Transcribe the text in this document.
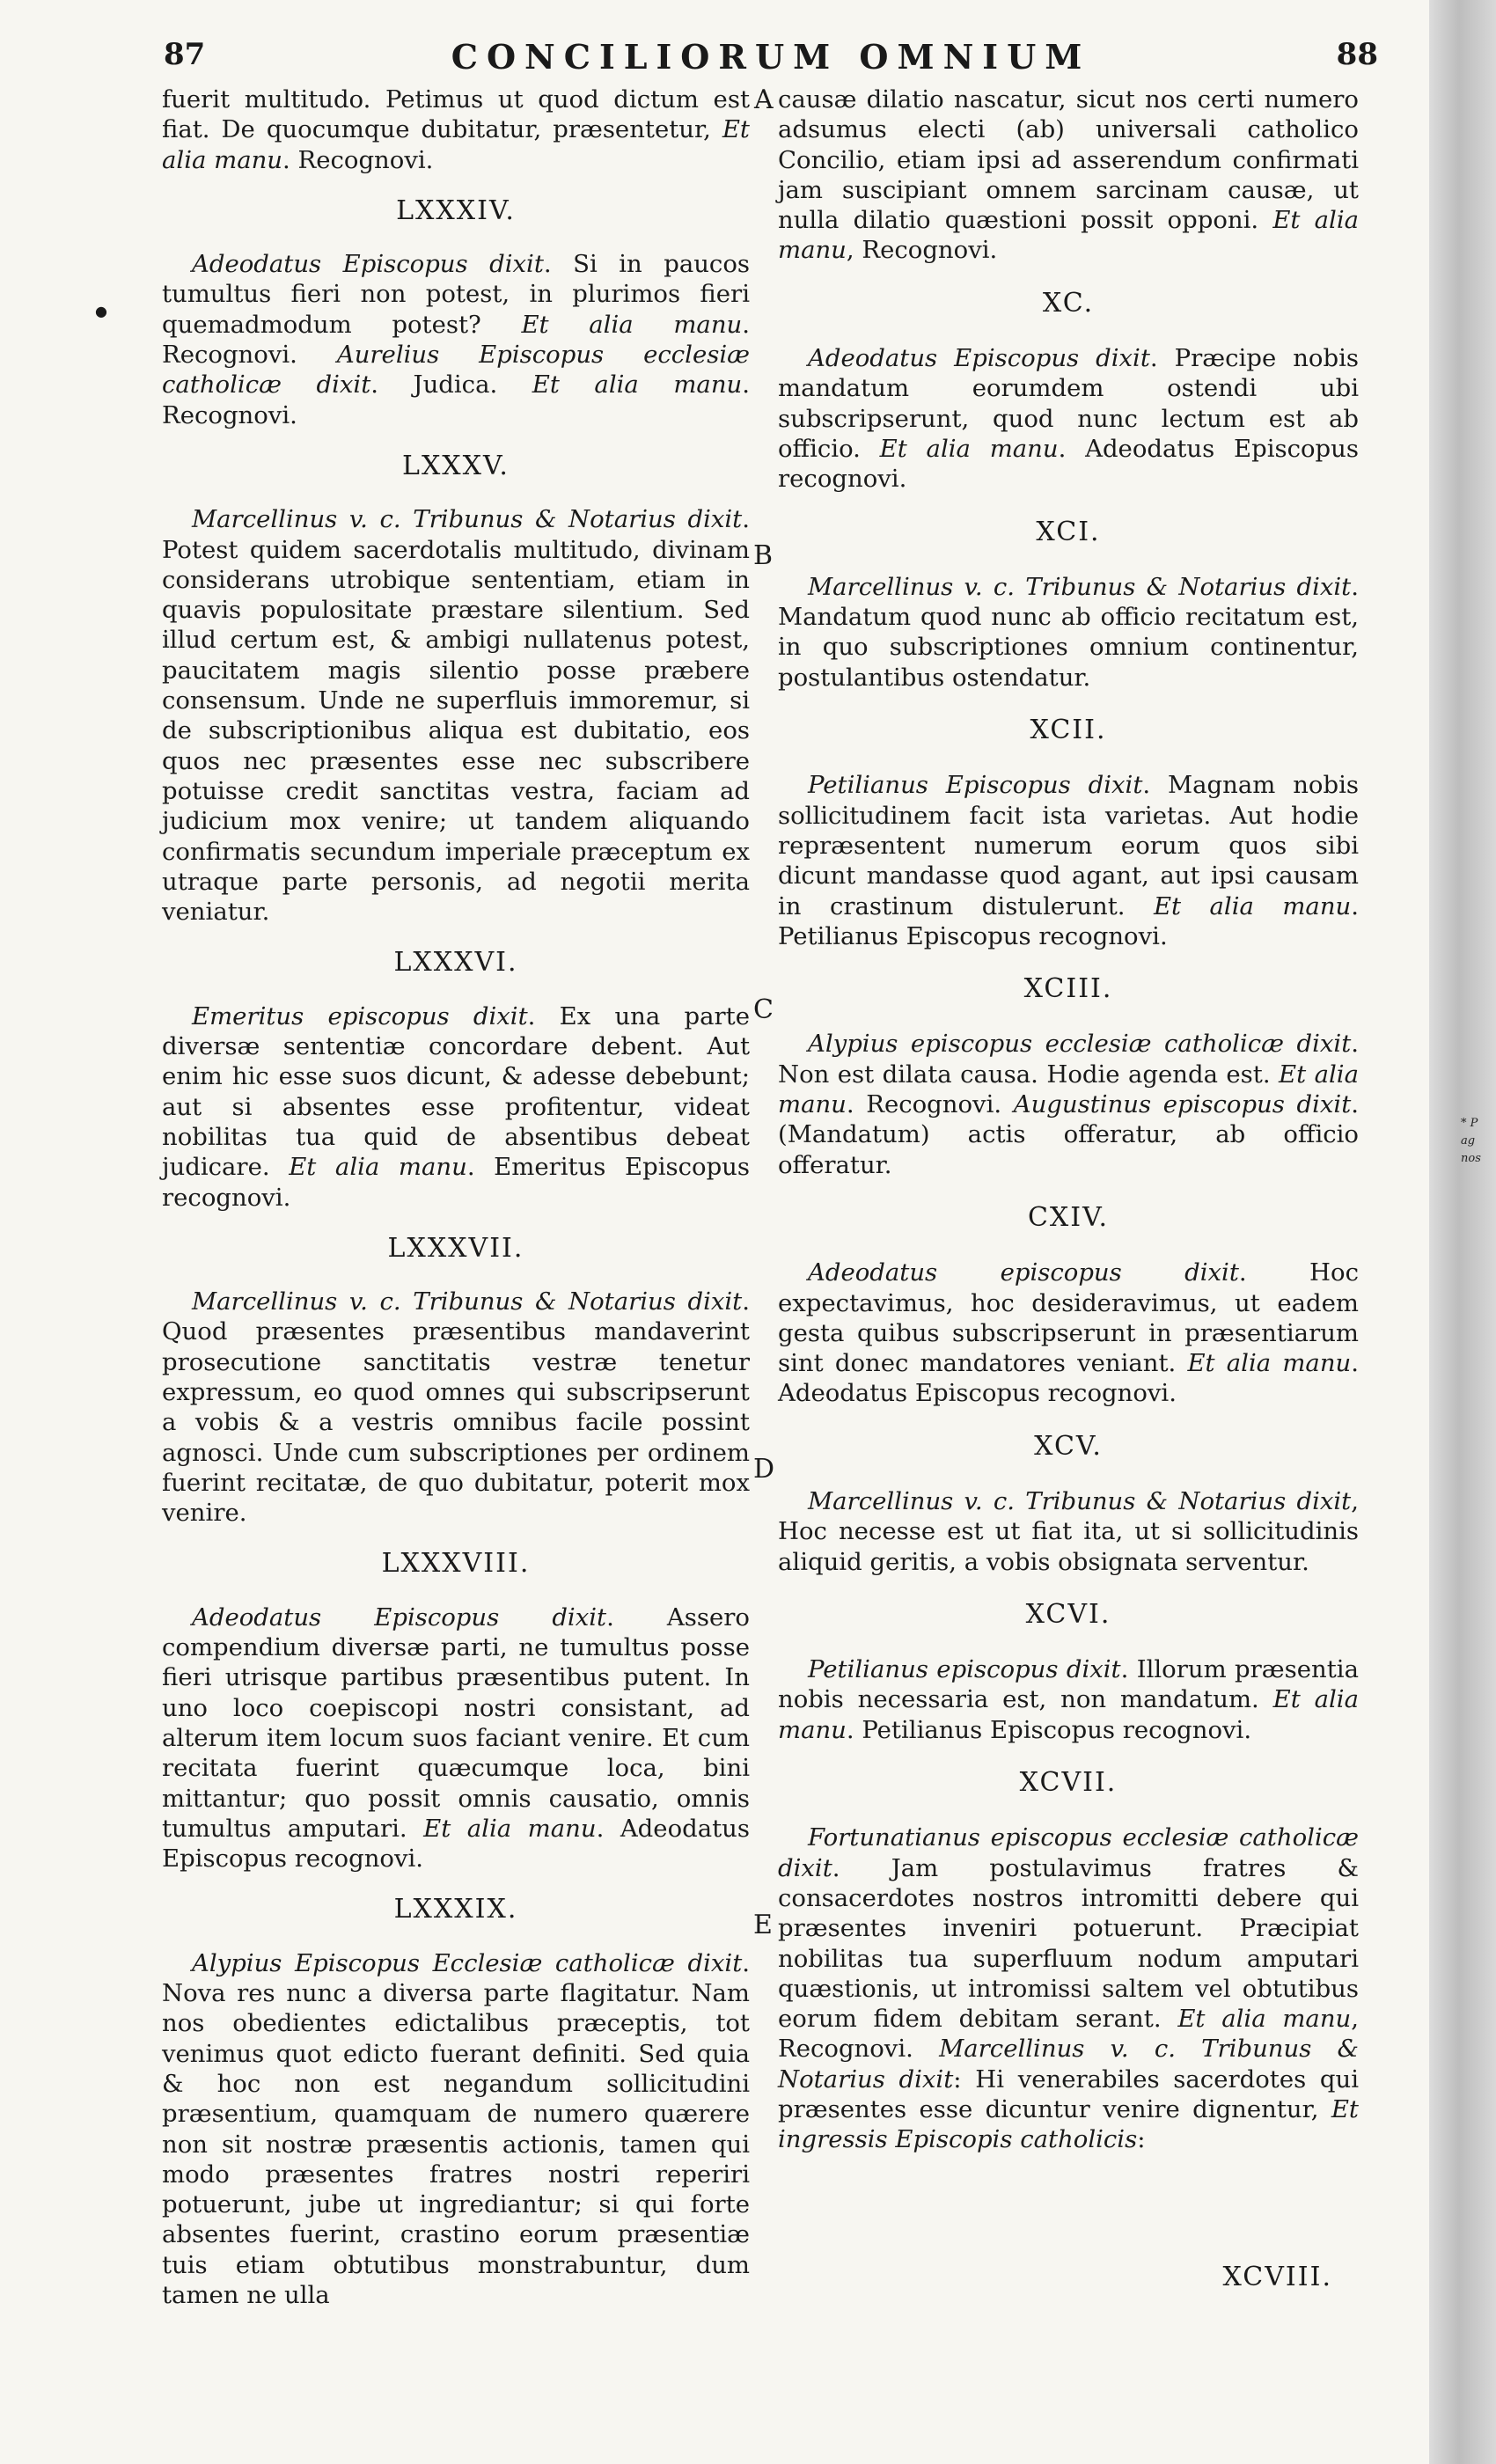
87	CONCILIORUM OMNIUM	88
●

fuerit multitudo. Petimus ut quod dictum est fiat. De quocumque dubitatur, præsentetur, Et alia manu. Recognovi.

LXXXIV.

Adeodatus Episcopus dixit. Si in paucos tumultus fieri non potest, in plurimos fieri quemadmodum potest? Et alia manu. Recognovi. Aurelius Episcopus ecclesiæ catholicæ dixit. Judica. Et alia manu. Recognovi.

LXXXV.

Marcellinus v. c. Tribunus & Notarius dixit. Potest quidem sacerdotalis multitudo, divinam considerans utrobique sententiam, etiam in quavis populositate præstare silentium. Sed illud certum est, & ambigi nullatenus potest, paucitatem magis silentio posse præbere consensum. Unde ne superfluis immoremur, si de subscriptionibus aliqua est dubitatio, eos quos nec præsentes esse nec subscribere potuisse credit sanctitas vestra, faciam ad judicium mox venire; ut tandem aliquando confirmatis secundum imperiale præceptum ex utraque parte personis, ad negotii merita veniatur.

LXXXVI.

Emeritus episcopus dixit. Ex una parte diversæ sententiæ concordare debent. Aut enim hic esse suos dicunt, & adesse debebunt; aut si absentes esse profitentur, videat nobilitas tua quid de absentibus debeat judicare. Et alia manu. Emeritus Episcopus recognovi.

LXXXVII.

Marcellinus v. c. Tribunus & Notarius dixit. Quod præsentes præsentibus mandaverint prosecutione sanctitatis vestræ tenetur expressum, eo quod omnes qui subscripserunt a vobis & a vestris omnibus facile possint agnosci. Unde cum subscriptiones per ordinem fuerint recitatæ, de quo dubitatur, poterit mox venire.

LXXXVIII.

Adeodatus Episcopus dixit. Assero compendium diversæ parti, ne tumultus posse fieri utrisque partibus præsentibus putent. In uno loco coepiscopi nostri consistant, ad alterum item locum suos faciant venire. Et cum recitata fuerint quæcumque loca, bini mittantur; quo possit omnis causatio, omnis tumultus amputari. Et alia manu. Adeodatus Episcopus recognovi.

LXXXIX.

Alypius Episcopus Ecclesiæ catholicæ dixit. Nova res nunc a diversa parte flagitatur. Nam nos obedientes edictalibus præceptis, tot venimus quot edicto fuerant definiti. Sed quia & hoc non est negandum sollicitudini præsentium, quamquam de numero quærere non sit nostræ præsentis actionis, tamen qui modo præsentes fratres nostri reperiri potuerunt, jube ut ingrediantur; si qui forte absentes fuerint, crastino eorum præsentiæ tuis etiam obtutibus monstrabuntur, dum tamen ne ulla

causæ dilatio nascatur, sicut nos certi numero adsumus electi (ab) universali catholico Concilio, etiam ipsi ad asserendum confirmati jam suscipiant omnem sarcinam causæ, ut nulla dilatio quæstioni possit opponi. Et alia manu, Recognovi.

XC.

Adeodatus Episcopus dixit. Præcipe nobis mandatum eorumdem ostendi ubi subscripserunt, quod nunc lectum est ab officio. Et alia manu. Adeodatus Episcopus recognovi.

XCI.

Marcellinus v. c. Tribunus & Notarius dixit. Mandatum quod nunc ab officio recitatum est, in quo subscriptiones omnium continentur, postulantibus ostendatur.

XCII.

Petilianus Episcopus dixit. Magnam nobis sollicitudinem facit ista varietas. Aut hodie repræsentent numerum eorum quos sibi dicunt mandasse quod agant, aut ipsi causam in crastinum distulerunt. Et alia manu. Petilianus Episcopus recognovi.

XCIII.

Alypius episcopus ecclesiæ catholicæ dixit. Non est dilata causa. Hodie agenda est. Et alia manu. Recognovi. Augustinus episcopus dixit. (Mandatum) actis offeratur, ab officio offeratur.

CXIV.

Adeodatus episcopus dixit. Hoc expectavimus, hoc desideravimus, ut eadem gesta quibus subscripserunt in præsentiarum sint donec mandatores veniant. Et alia manu. Adeodatus Episcopus recognovi.

XCV.

Marcellinus v. c. Tribunus & Notarius dixit, Hoc necesse est ut fiat ita, ut si sollicitudinis aliquid geritis, a vobis obsignata serventur.

XCVI.

Petilianus episcopus dixit. Illorum præsentia nobis necessaria est, non mandatum. Et alia manu. Petilianus Episcopus recognovi.

XCVII.

Fortunatianus episcopus ecclesiæ catholicæ dixit. Jam postulavimus fratres & consacerdotes nostros intromitti debere qui præsentes inveniri potuerunt. Præcipiat nobilitas tua superfluum nodum amputari quæstionis, ut intromissi saltem vel obtutibus eorum fidem debitam serant. Et alia manu, Recognovi. Marcellinus v. c. Tribunus & Notarius dixit: Hi venerabiles sacerdotes qui præsentes esse dicuntur venire dignentur, Et ingressis Episcopis catholicis:

A
B
C
D
E
XCVIII.
* P
ag
nos
